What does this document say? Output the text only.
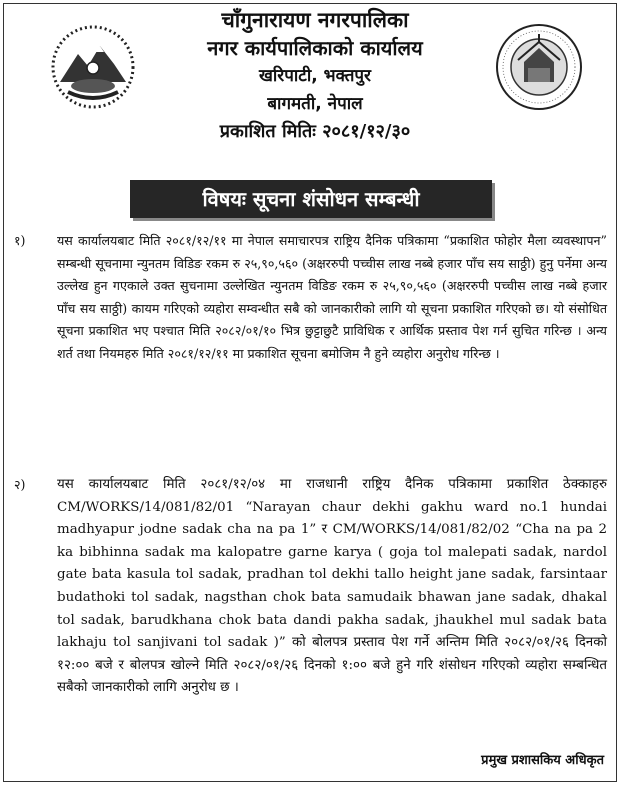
चाँगुनारायण नगरपालिका
नगर कार्यपालिकाको कार्यालय
खरिपाटी, भक्तपुर
बागमती, नेपाल
प्रकाशित मितिः २०८१/१२/३०
विषयः सूचना शंसोधन सम्बन्धी
१)	यस कार्यालयबाट मिति २०८१/१२/११ मा नेपाल समाचारपत्र राष्ट्रिय दैनिक पत्रिकामा “प्रकाशित फोहोर मैला व्यवस्थापन” सम्बन्धी सूचनामा न्युनतम विडिङ रकम रु २५,९०,५६० (अक्षररुपी पच्चीस लाख नब्बे हजार पाँच सय साठ्ठी) हुनु पर्नेमा अन्य उल्लेख हुन गएकाले उक्त सुचनामा उल्लेखित न्युनतम विडिङ रकम रु २५,९०,५६० (अक्षररुपी पच्चीस लाख नब्बे हजार पाँच सय साठ्ठी) कायम गरिएको व्यहोरा सम्वन्धीत सबै को जानकारीको लागि यो सूचना प्रकाशित गरिएको छ। यो संसोधित सूचना प्रकाशित भए पश्चात मिति २०८२/०१/१० भित्र छुट्टाछुटै प्राविधिक र आर्थिक प्रस्ताव पेश गर्न सुचित गरिन्छ । अन्य शर्त तथा नियमहरु मिति २०८१/१२/११ मा प्रकाशित सूचना बमोजिम नै हुने व्यहोरा अनुरोध गरिन्छ ।
२)	यस कार्यालयबाट मिति २०८१/१२/०४ मा राजधानी राष्ट्रिय दैनिक पत्रिकामा प्रकाशित ठेक्काहरु CM/WORKS/14/081/82/01 “Narayan chaur dekhi gakhu ward no.1 hundai madhyapur jodne sadak cha na pa 1” र CM/WORKS/14/081/82/02 “Cha na pa 2 ka bibhinna sadak ma kalopatre garne karya ( goja tol malepati sadak, nardol gate bata kasula tol sadak, pradhan tol dekhi tallo height jane sadak, farsintaar budathoki tol sadak, nagsthan chok bata samudaik bhawan jane sadak, dhakal tol sadak, barudkhana chok bata dandi pakha sadak, jhaukhel mul sadak bata lakhaju tol sanjivani tol sadak )” को बोलपत्र प्रस्ताव पेश गर्ने अन्तिम मिति २०८२/०१/२६ दिनको १२:०० बजे र बोलपत्र खोल्ने मिति २०८२/०१/२६ दिनको १:०० बजे हुने गरि शंसोधन गरिएको व्यहोरा सम्बन्धित सबैको जानकारीको लागि अनुरोध छ ।
प्रमुख प्रशासकिय अधिकृत
